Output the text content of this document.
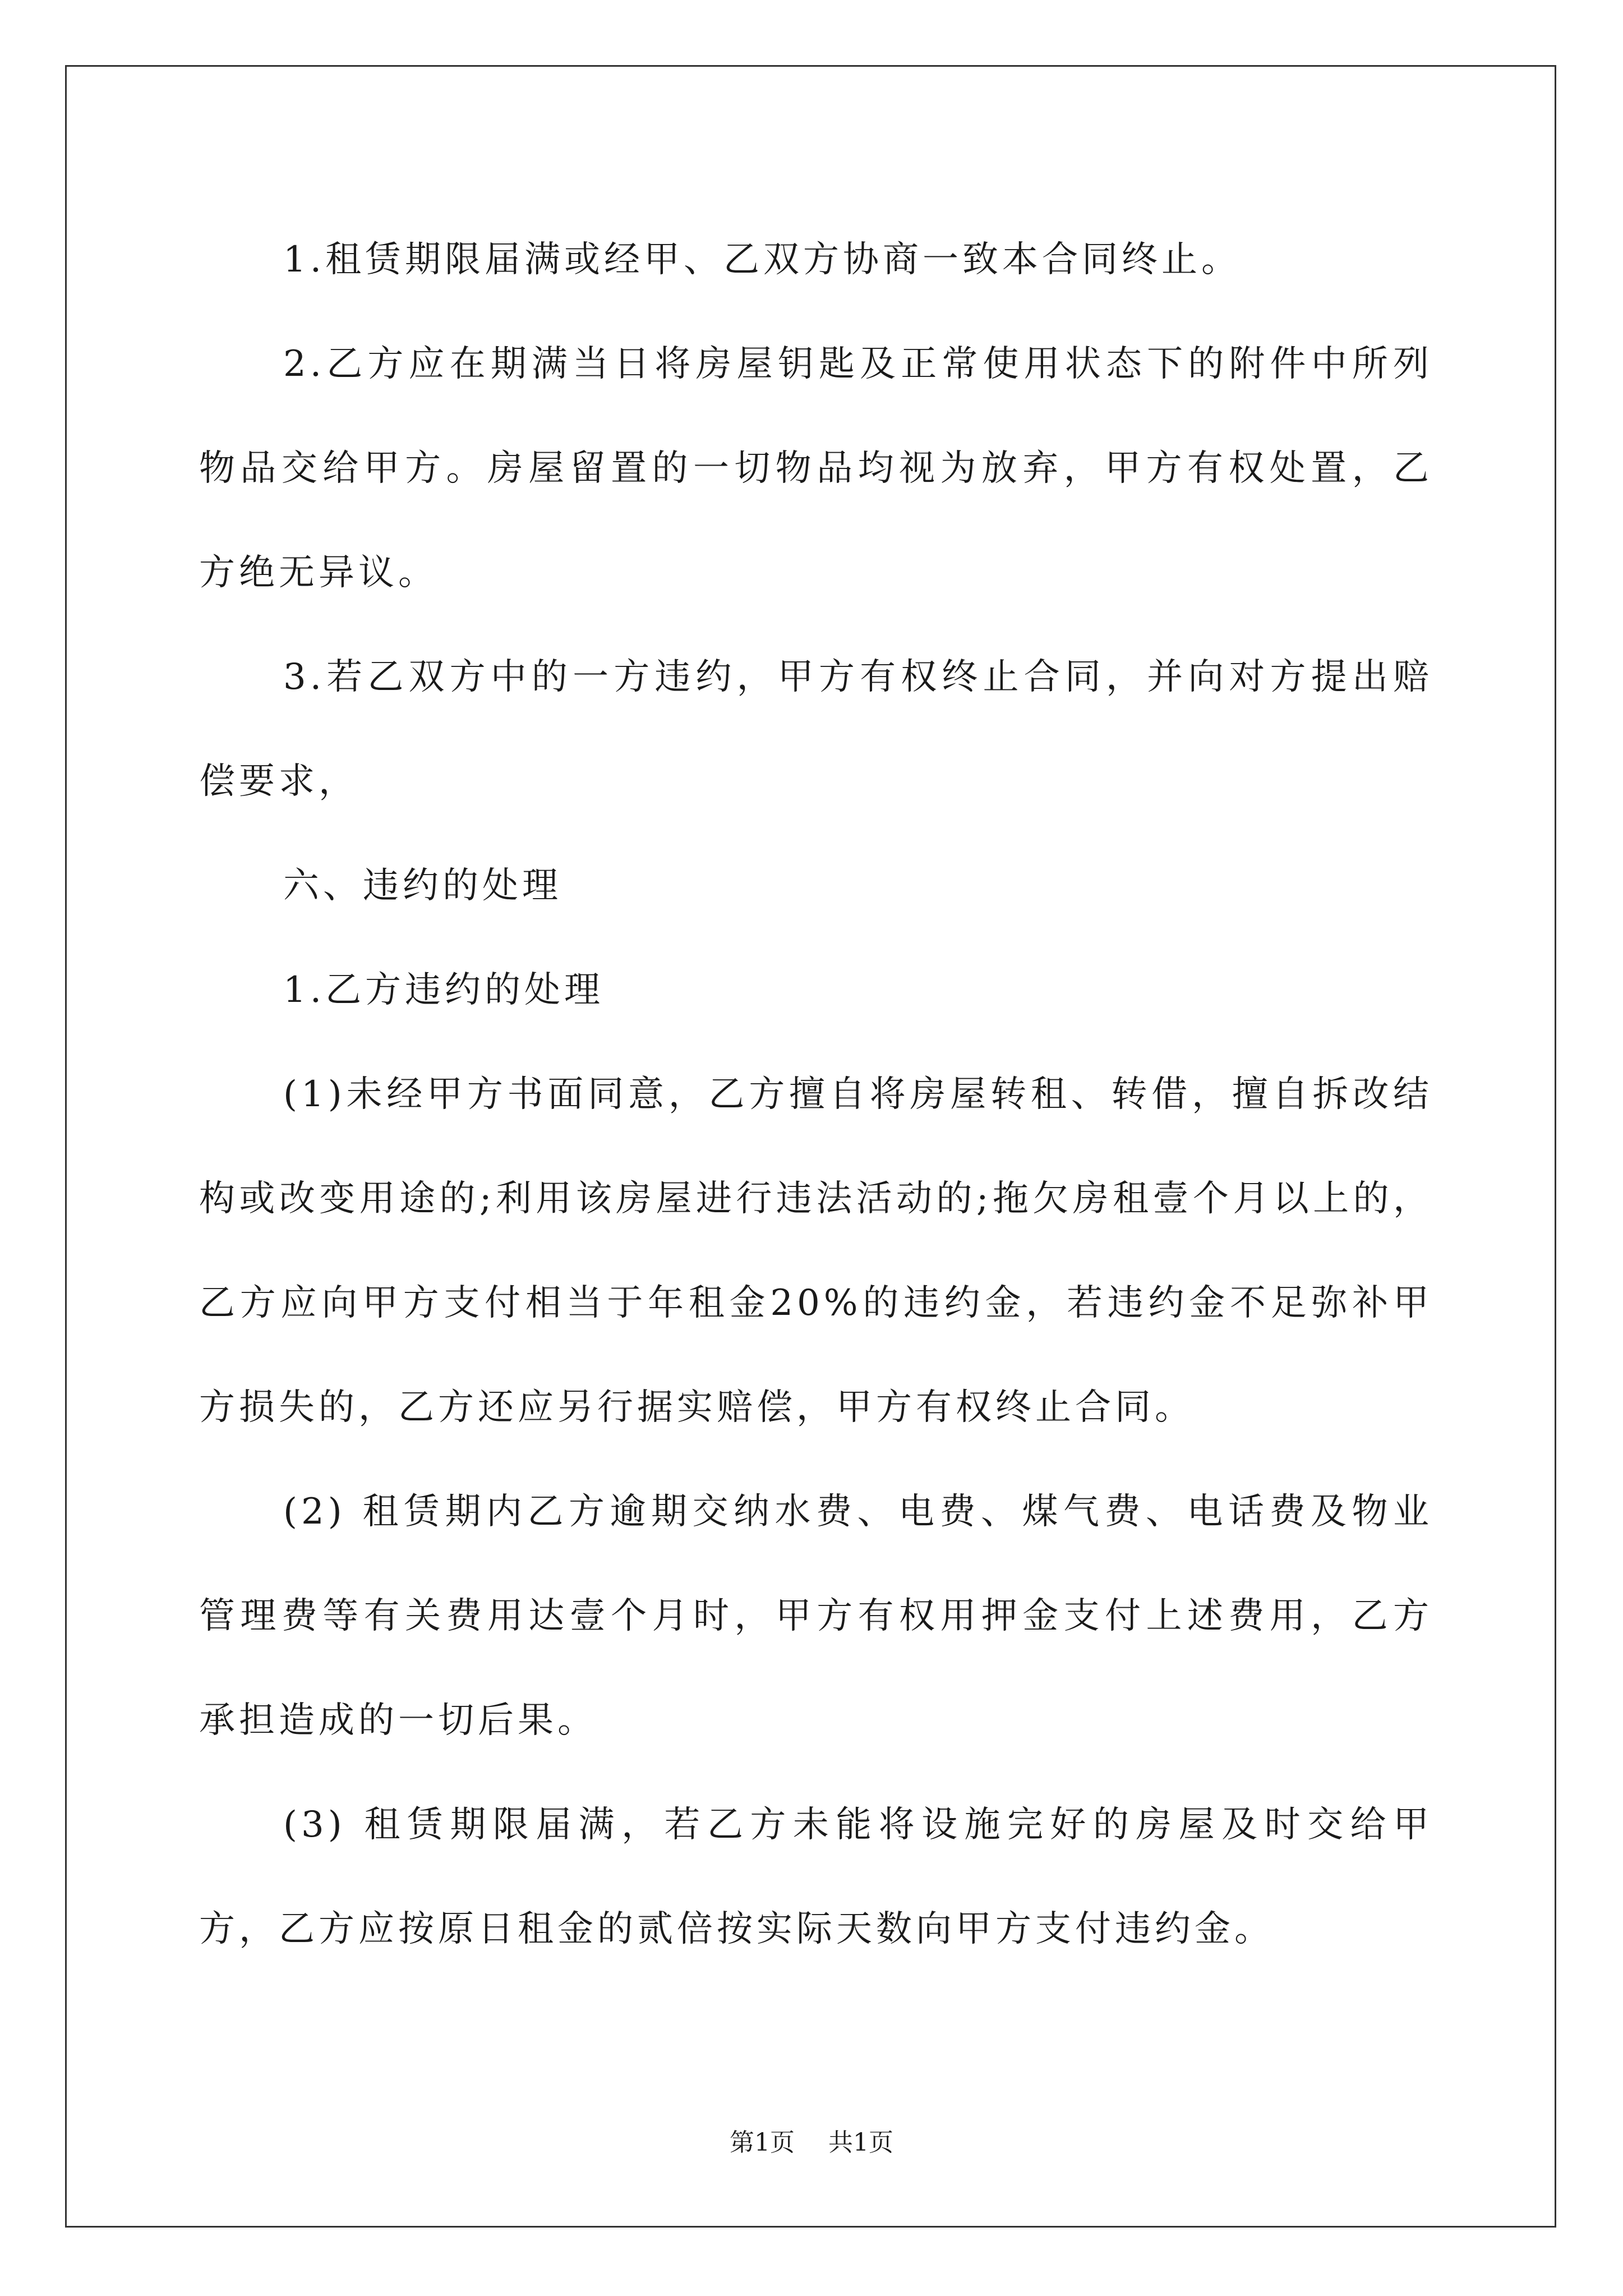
1.租赁期限届满或经甲、乙双方协商一致本合同终止。

2.乙方应在期满当日将房屋钥匙及正常使用状态下的附件中所列物品交给甲方。房屋留置的一切物品均视为放弃，甲方有权处置，乙方绝无异议。

3.若乙双方中的一方违约，甲方有权终止合同，并向对方提出赔偿要求，

六、违约的处理

1.乙方违约的处理

(1)未经甲方书面同意，乙方擅自将房屋转租、转借，擅自拆改结构或改变用途的;利用该房屋进行违法活动的;拖欠房租壹个月以上的，乙方应向甲方支付相当于年租金20%的违约金，若违约金不足弥补甲方损失的，乙方还应另行据实赔偿，甲方有权终止合同。

(2) 租赁期内乙方逾期交纳水费、电费、煤气费、电话费及物业管理费等有关费用达壹个月时，甲方有权用押金支付上述费用，乙方承担造成的一切后果。

(3) 租赁期限届满，若乙方未能将设施完好的房屋及时交给甲方，乙方应按原日租金的贰倍按实际天数向甲方支付违约金。

第1页 共1页
